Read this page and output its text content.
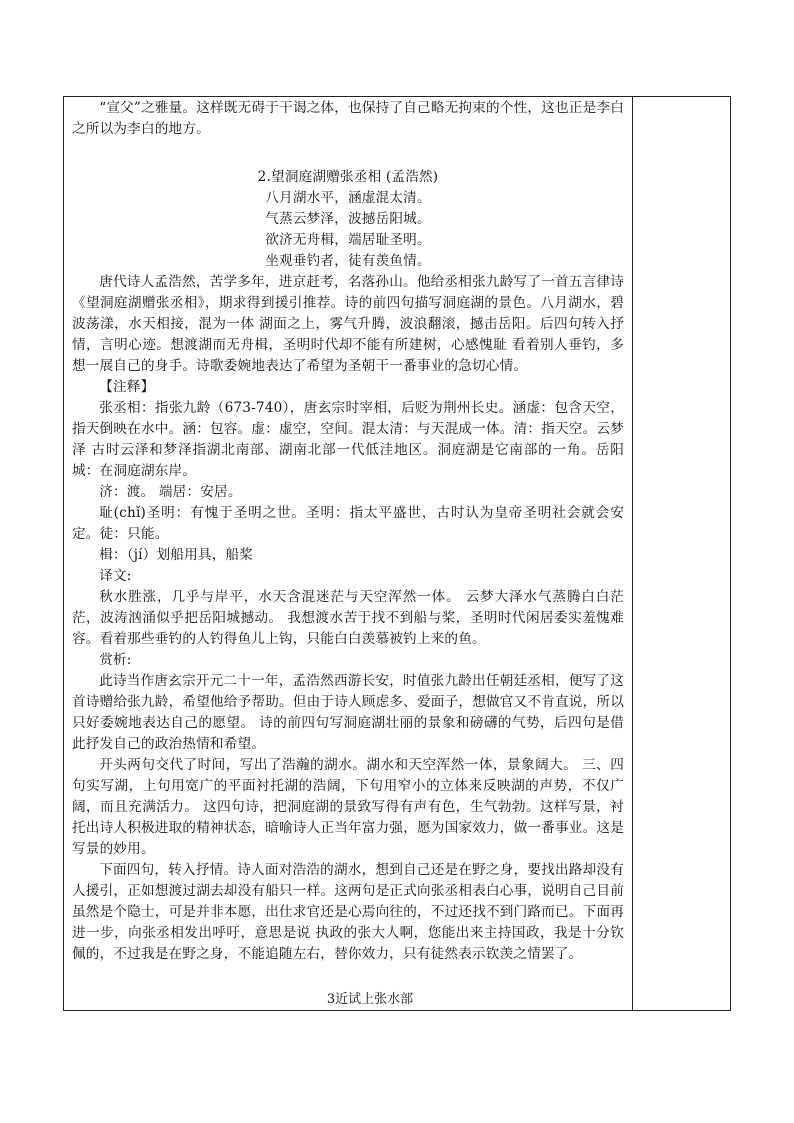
“宣父”之雅量。这样既无碍于干谒之体，也保持了自己略无拘束的个性，这也正是李白之所以为李白的地方。

2.望洞庭湖赠张丞相 (孟浩然)

八月湖水平，涵虚混太清。

气蒸云梦泽，波撼岳阳城。

欲济无舟楫，端居耻圣明。

坐观垂钓者，徒有羡鱼情。

唐代诗人孟浩然，苦学多年，进京赶考，名落孙山。他给丞相张九龄写了一首五言律诗《望洞庭湖赠张丞相》，期求得到援引推荐。诗的前四句描写洞庭湖的景色。八月湖水，碧波荡漾，水天相接，混为一体 湖面之上，雾气升腾，波浪翻滚，撼击岳阳。后四句转入抒情，言明心迹。想渡湖而无舟楫，圣明时代却不能有所建树，心感愧耻 看着别人垂钓，多想一展自己的身手。诗歌委婉地表达了希望为圣朝干一番事业的急切心情。

【注释】

张丞相：指张九龄（673-740），唐玄宗时宰相，后贬为荆州长史。涵虚：包含天空，指天倒映在水中。涵：包容。虚：虚空，空间。混太清：与天混成一体。清：指天空。云梦泽 古时云泽和梦泽指湖北南部、湖南北部一代低洼地区。洞庭湖是它南部的一角。岳阳城：在洞庭湖东岸。

济：渡。 端居：安居。

耻(chǐ)圣明：有愧于圣明之世。圣明：指太平盛世，古时认为皇帝圣明社会就会安定。徒：只能。

楫：（jí）划船用具，船桨

译文:

秋水胜涨，几乎与岸平，水天含混迷茫与天空浑然一体。 云梦大泽水气蒸腾白白茫茫，波涛汹涌似乎把岳阳城撼动。 我想渡水苦于找不到船与桨，圣明时代闲居委实羞愧难容。看着那些垂钓的人钓得鱼儿上钩，只能白白羡慕被钓上来的鱼。

赏析:

此诗当作唐玄宗开元二十一年，孟浩然西游长安，时值张九龄出任朝廷丞相，便写了这首诗赠给张九龄，希望他给予帮助。但由于诗人顾虑多、爱面子，想做官又不肯直说，所以只好委婉地表达自己的愿望。 诗的前四句写洞庭湖壮丽的景象和磅礴的气势，后四句是借此抒发自己的政治热情和希望。

开头两句交代了时间，写出了浩瀚的湖水。湖水和天空浑然一体，景象阔大。 三、四句实写湖，上句用宽广的平面衬托湖的浩阔，下句用窄小的立体来反映湖的声势，不仅广阔，而且充满活力。 这四句诗，把洞庭湖的景致写得有声有色，生气勃勃。这样写景，衬托出诗人积极进取的精神状态，暗喻诗人正当年富力强，愿为国家效力，做一番事业。这是写景的妙用。

下面四句，转入抒情。诗人面对浩浩的湖水，想到自己还是在野之身，要找出路却没有人援引，正如想渡过湖去却没有船只一样。这两句是正式向张丞相表白心事，说明自己目前虽然是个隐士，可是并非本愿，出仕求官还是心焉向往的，不过还找不到门路而已。下面再进一步，向张丞相发出呼吁，意思是说 执政的张大人啊，您能出来主持国政，我是十分钦佩的，不过我是在野之身，不能追随左右，替你效力，只有徒然表示钦羡之情罢了。

3近试上张水部
